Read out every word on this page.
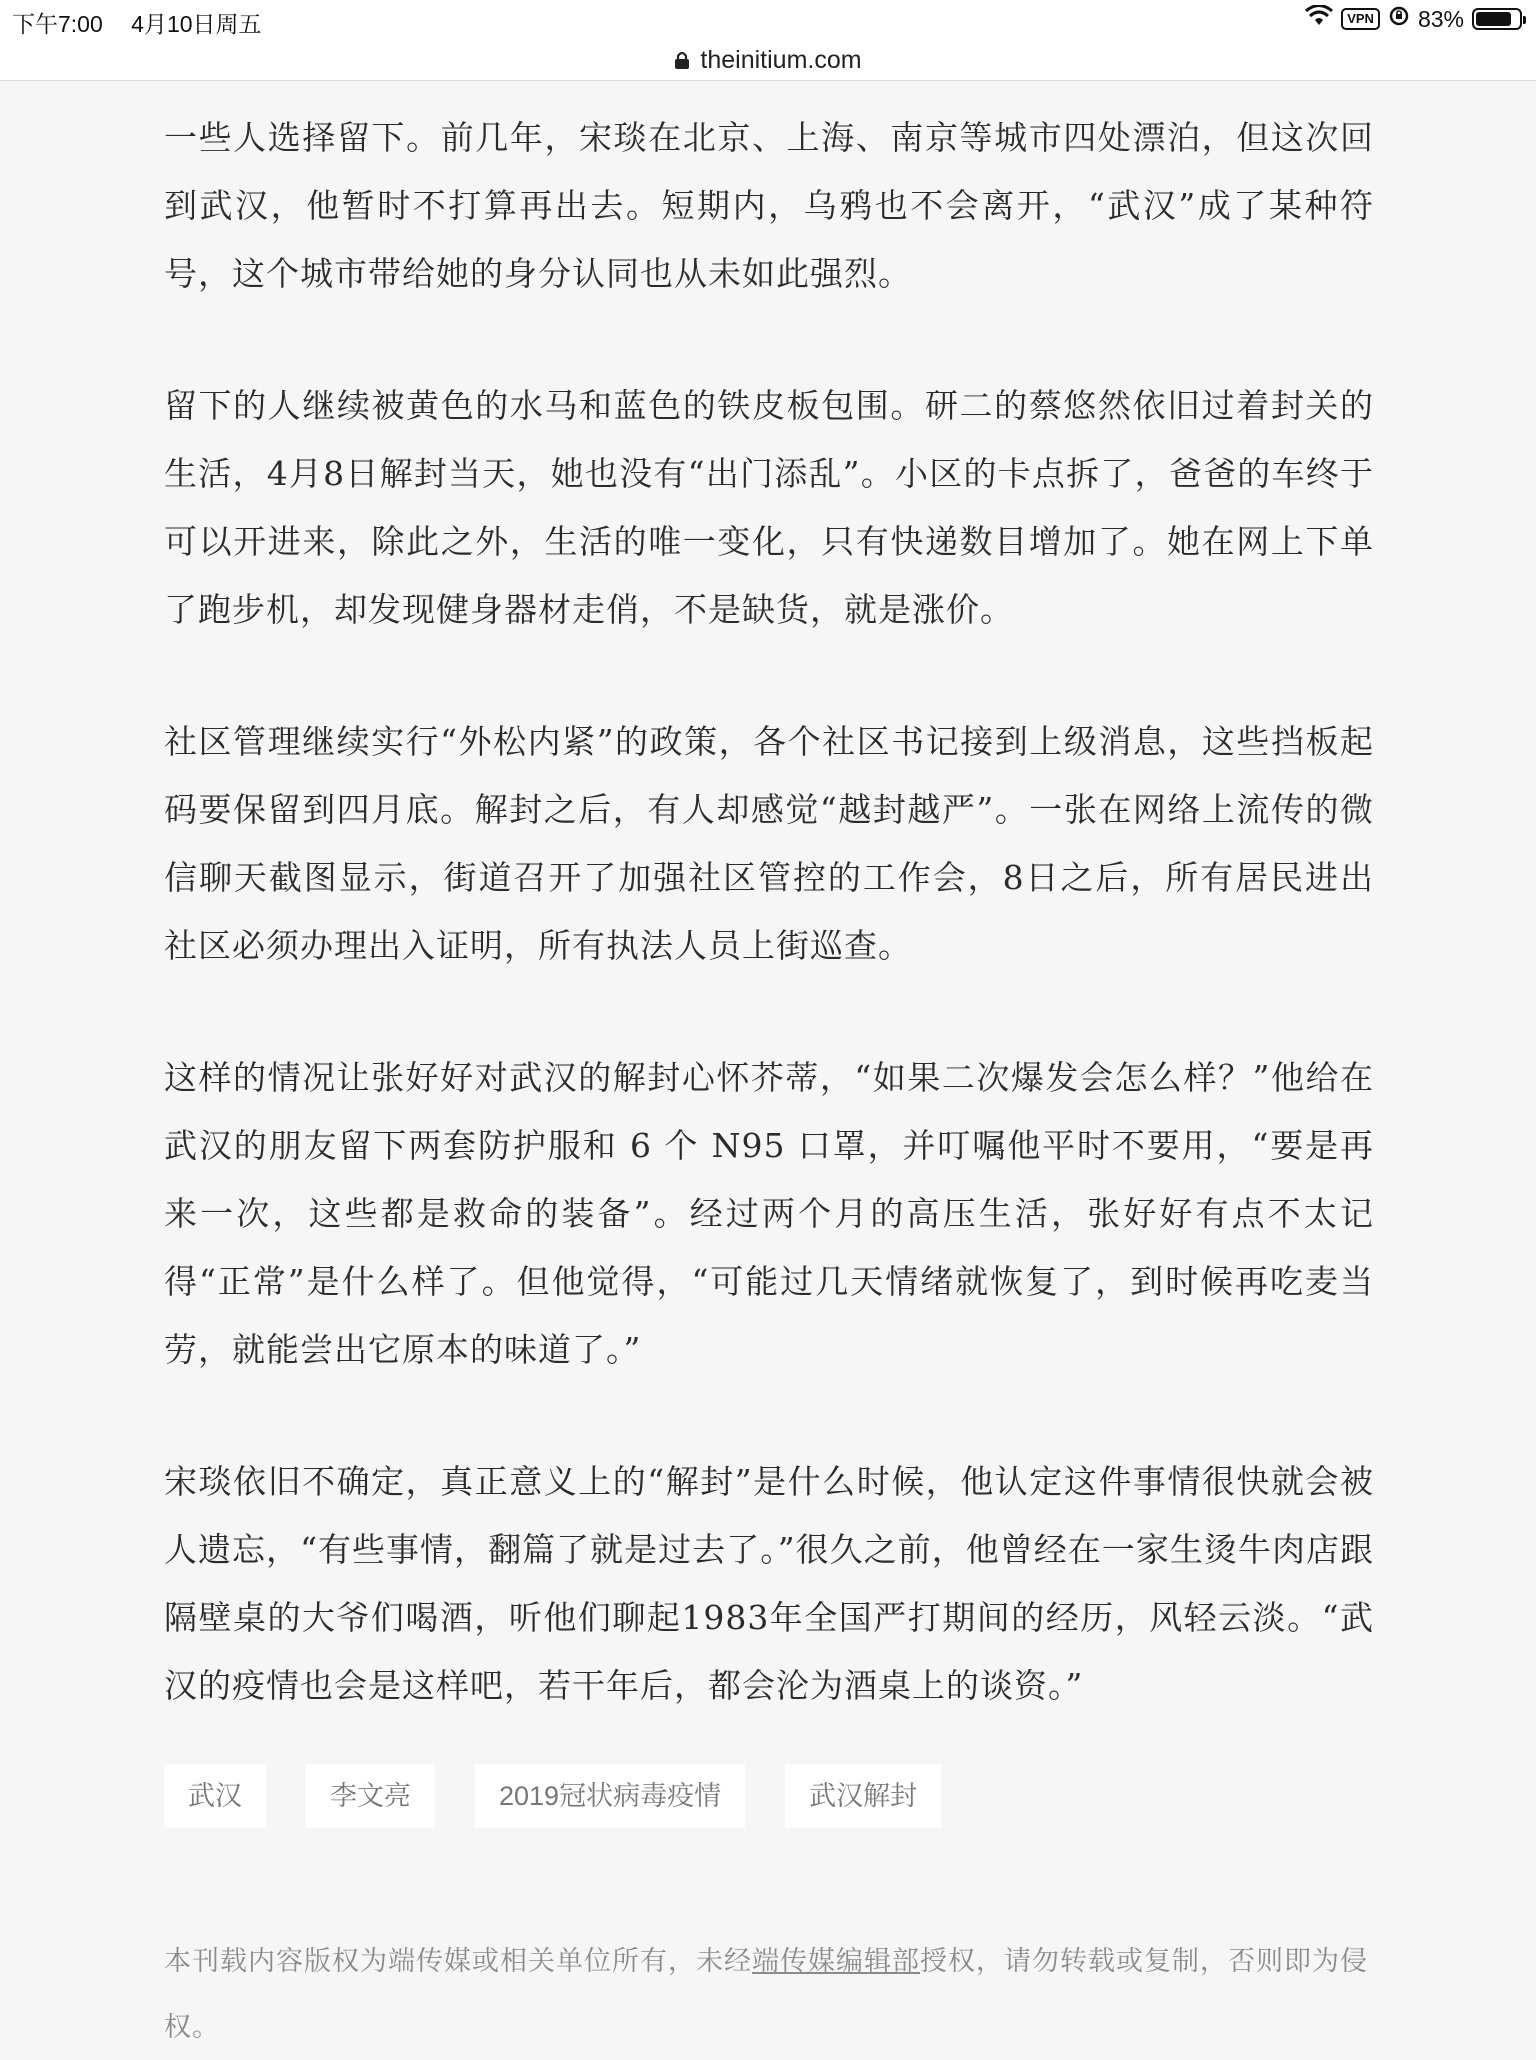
下午7:00 4月10日周五	VPN 83%
theinitium.com

一些人选择留下。前几年，宋琰在北京、上海、南京等城市四处漂泊，但这次回到武汉，他暂时不打算再出去。短期内，乌鸦也不会离开，“武汉”成了某种符号，这个城市带给她的身分认同也从未如此强烈。

留下的人继续被黄色的水马和蓝色的铁皮板包围。研二的蔡悠然依旧过着封关的生活，4月8日解封当天，她也没有“出门添乱”。小区的卡点拆了，爸爸的车终于可以开进来，除此之外，生活的唯一变化，只有快递数目增加了。她在网上下单了跑步机，却发现健身器材走俏，不是缺货，就是涨价。

社区管理继续实行“外松内紧”的政策，各个社区书记接到上级消息，这些挡板起码要保留到四月底。解封之后，有人却感觉“越封越严”。一张在网络上流传的微信聊天截图显示，街道召开了加强社区管控的工作会，8日之后，所有居民进出社区必须办理出入证明，所有执法人员上街巡查。

这样的情况让张好好对武汉的解封心怀芥蒂，“如果二次爆发会怎么样？”他给在武汉的朋友留下两套防护服和 6 个 N95 口罩，并叮嘱他平时不要用，“要是再来一次，这些都是救命的装备”。经过两个月的高压生活，张好好有点不太记得“正常”是什么样了。但他觉得，“可能过几天情绪就恢复了，到时候再吃麦当劳，就能尝出它原本的味道了。”

宋琰依旧不确定，真正意义上的“解封”是什么时候，他认定这件事情很快就会被人遗忘，“有些事情，翻篇了就是过去了。”很久之前，他曾经在一家生烫牛肉店跟隔壁桌的大爷们喝酒，听他们聊起1983年全国严打期间的经历，风轻云淡。“武汉的疫情也会是这样吧，若干年后，都会沦为酒桌上的谈资。”

武汉	李文亮	2019冠状病毒疫情	武汉解封
本刊载内容版权为端传媒或相关单位所有，未经端传媒编辑部授权，请勿转载或复制，否则即为侵权。
